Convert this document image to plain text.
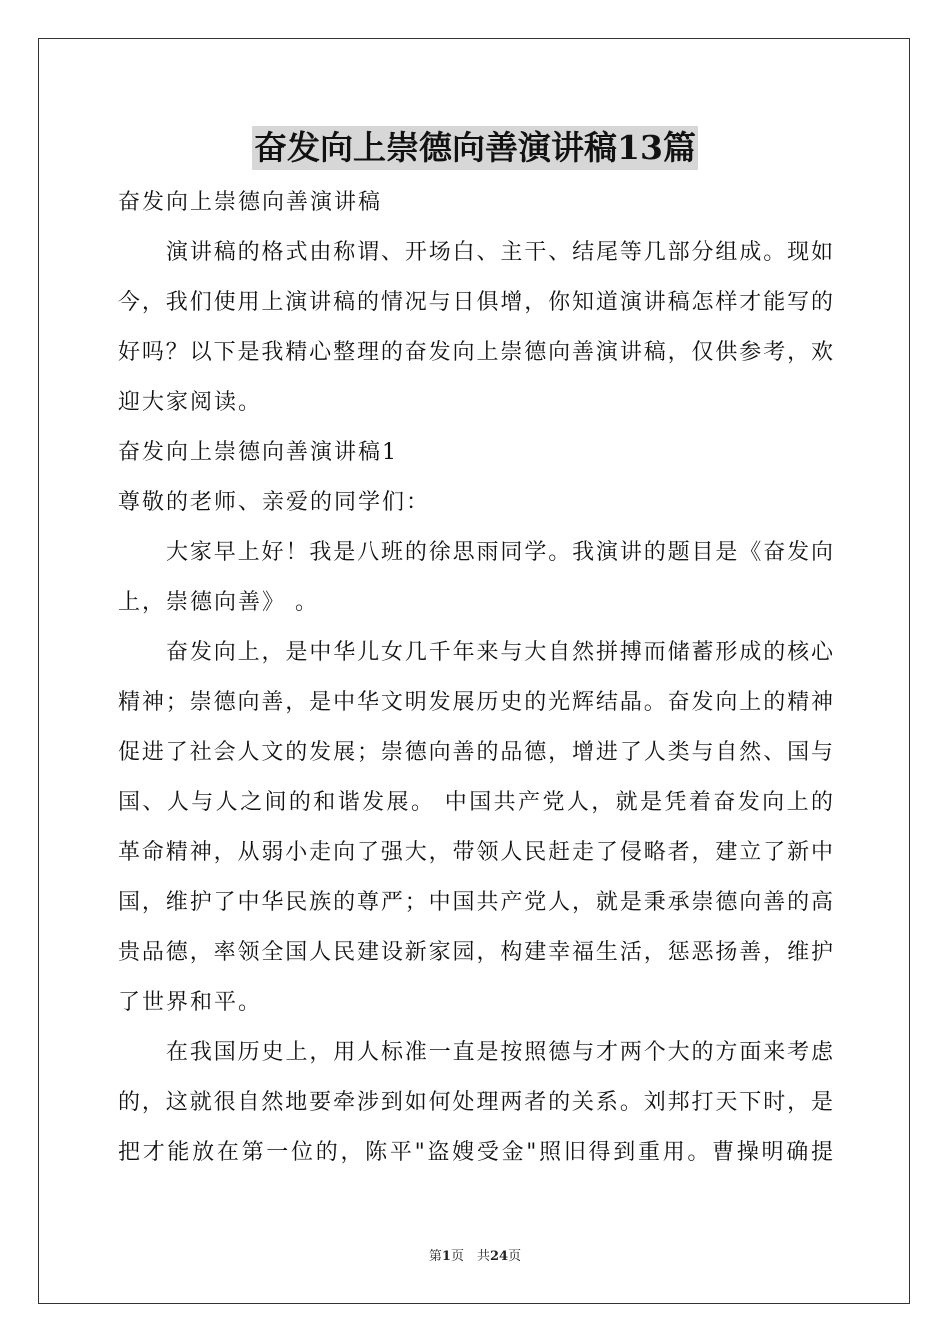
奋发向上崇德向善演讲稿13篇
奋发向上崇德向善演讲稿
演讲稿的格式由称谓、开场白、主干、结尾等几部分组成。现如
今，我们使用上演讲稿的情况与日俱增，你知道演讲稿怎样才能写的
好吗？以下是我精心整理的奋发向上崇德向善演讲稿，仅供参考，欢
迎大家阅读。
奋发向上崇德向善演讲稿1
尊敬的老师、亲爱的同学们：
大家早上好！我是八班的徐思雨同学。我演讲的题目是《奋发向
上，崇德向善》 。
奋发向上，是中华儿女几千年来与大自然拼搏而储蓄形成的核心
精神；崇德向善，是中华文明发展历史的光辉结晶。奋发向上的精神
促进了社会人文的发展；崇德向善的品德，增进了人类与自然、国与
国、人与人之间的和谐发展。 中国共产党人，就是凭着奋发向上的
革命精神，从弱小走向了强大，带领人民赶走了侵略者，建立了新中
国，维护了中华民族的尊严；中国共产党人，就是秉承崇德向善的高
贵品德，率领全国人民建设新家园，构建幸福生活，惩恶扬善，维护
了世界和平。
在我国历史上，用人标准一直是按照德与才两个大的方面来考虑
的，这就很自然地要牵涉到如何处理两者的关系。刘邦打天下时，是
把才能放在第一位的，陈平"盗嫂受金"照旧得到重用。曹操明确提
第1页　共24页
